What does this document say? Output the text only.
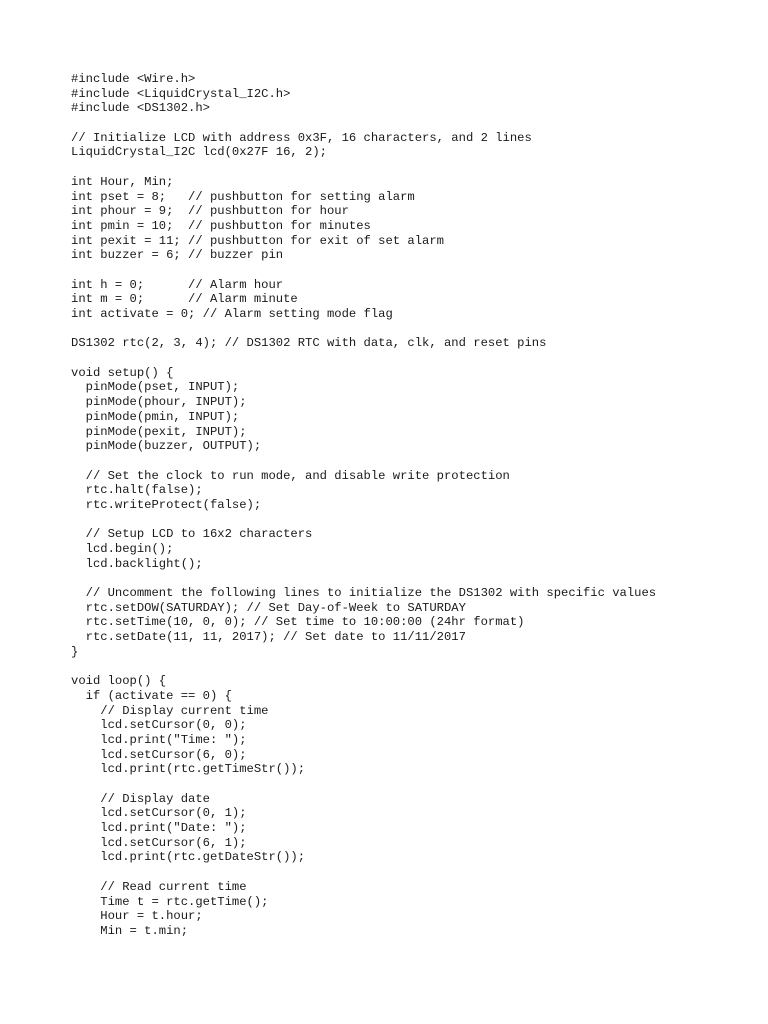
#include <Wire.h>
#include <LiquidCrystal_I2C.h>
#include <DS1302.h>
// Initialize LCD with address 0x3F, 16 characters, and 2 lines
LiquidCrystal_I2C lcd(0x27F 16, 2);
int Hour, Min;
int pset = 8;   // pushbutton for setting alarm
int phour = 9;  // pushbutton for hour
int pmin = 10;  // pushbutton for minutes
int pexit = 11; // pushbutton for exit of set alarm
int buzzer = 6; // buzzer pin
int h = 0;      // Alarm hour
int m = 0;      // Alarm minute
int activate = 0; // Alarm setting mode flag
DS1302 rtc(2, 3, 4); // DS1302 RTC with data, clk, and reset pins
void setup() {
pinMode(pset, INPUT);
pinMode(phour, INPUT);
pinMode(pmin, INPUT);
pinMode(pexit, INPUT);
pinMode(buzzer, OUTPUT);
// Set the clock to run mode, and disable write protection
rtc.halt(false);
rtc.writeProtect(false);
// Setup LCD to 16x2 characters
lcd.begin();
lcd.backlight();
// Uncomment the following lines to initialize the DS1302 with specific values
rtc.setDOW(SATURDAY); // Set Day-of-Week to SATURDAY
rtc.setTime(10, 0, 0); // Set time to 10:00:00 (24hr format)
rtc.setDate(11, 11, 2017); // Set date to 11/11/2017
}
void loop() {
if (activate == 0) {
// Display current time
lcd.setCursor(0, 0);
lcd.print("Time: ");
lcd.setCursor(6, 0);
lcd.print(rtc.getTimeStr());
// Display date
lcd.setCursor(0, 1);
lcd.print("Date: ");
lcd.setCursor(6, 1);
lcd.print(rtc.getDateStr());
// Read current time
Time t = rtc.getTime();
Hour = t.hour;
Min = t.min;
